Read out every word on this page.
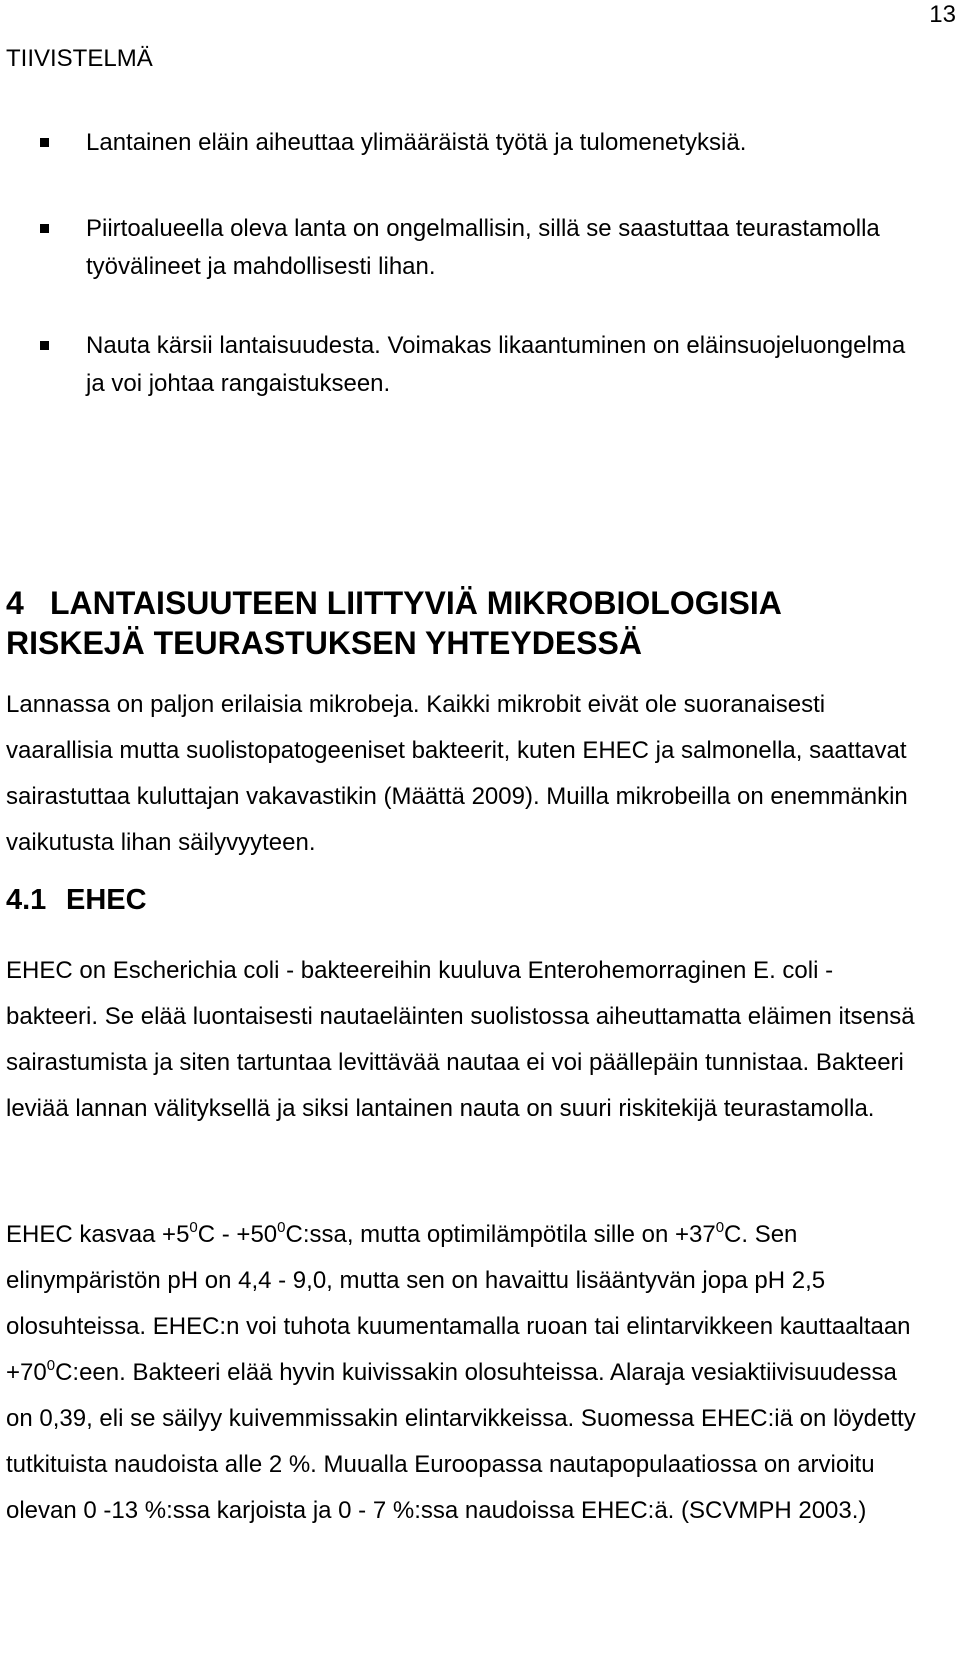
13
TIIVISTELMÄ
Lantainen eläin aiheuttaa ylimääräistä työtä ja tulomenetyksiä.
Piirtoalueella oleva lanta on ongelmallisin, sillä se saastuttaa teurastamolla työvälineet ja mahdollisesti lihan.
Nauta kärsii lantaisuudesta. Voimakas likaantuminen on eläinsuojeluongelma ja voi johtaa rangaistukseen.
4 LANTAISUUTEEN LIITTYVIÄ MIKROBIOLOGISIA
RISKEJÄ TEURASTUKSEN YHTEYDESSÄ
Lannassa on paljon erilaisia mikrobeja. Kaikki mikrobit eivät ole suoranaisesti vaarallisia mutta suolistopatogeeniset bakteerit, kuten EHEC ja salmonella, saattavat sairastuttaa kuluttajan vakavastikin (Määttä 2009). Muilla mikrobeilla on enemmänkin vaikutusta lihan säilyvyyteen.
4.1 EHEC
EHEC on Escherichia coli - bakteereihin kuuluva Enterohemorraginen E. coli - bakteeri. Se elää luontaisesti nautaeläinten suolistossa aiheuttamatta eläimen itsensä sairastumista ja siten tartuntaa levittävää nautaa ei voi päällepäin tunnistaa. Bakteeri leviää lannan välityksellä ja siksi lantainen nauta on suuri riskitekijä teurastamolla.
EHEC kasvaa $+5^0C$ - $+50^0C:ssa$, mutta optimilämpötila sille on $+37^0C$. Sen elinympäristön pH on 4,4 - 9,0, mutta sen on havaittu lisääntyvän jopa pH 2,5 olosuhteissa. EHEC:n voi tuhota kuumentamalla ruoan tai elintarvikkeen kauttaaltaan $+70^0C:een$. Bakteeri elää hyvin kuivissakin olosuhteissa. Alaraja vesiaktiivisuudessa on 0,39, eli se säilyy kuivemmissakin elintarvikkeissa. Suomessa EHEC:iä on löydetty tutkituista naudoista alle 2 %. Muualla Euroopassa nautapopulaatiossa on arvioitu olevan 0 -13 %:ssa karjoista ja 0 - 7 %:ssa naudoissa EHEC:ä. (SCVMPH 2003.)
